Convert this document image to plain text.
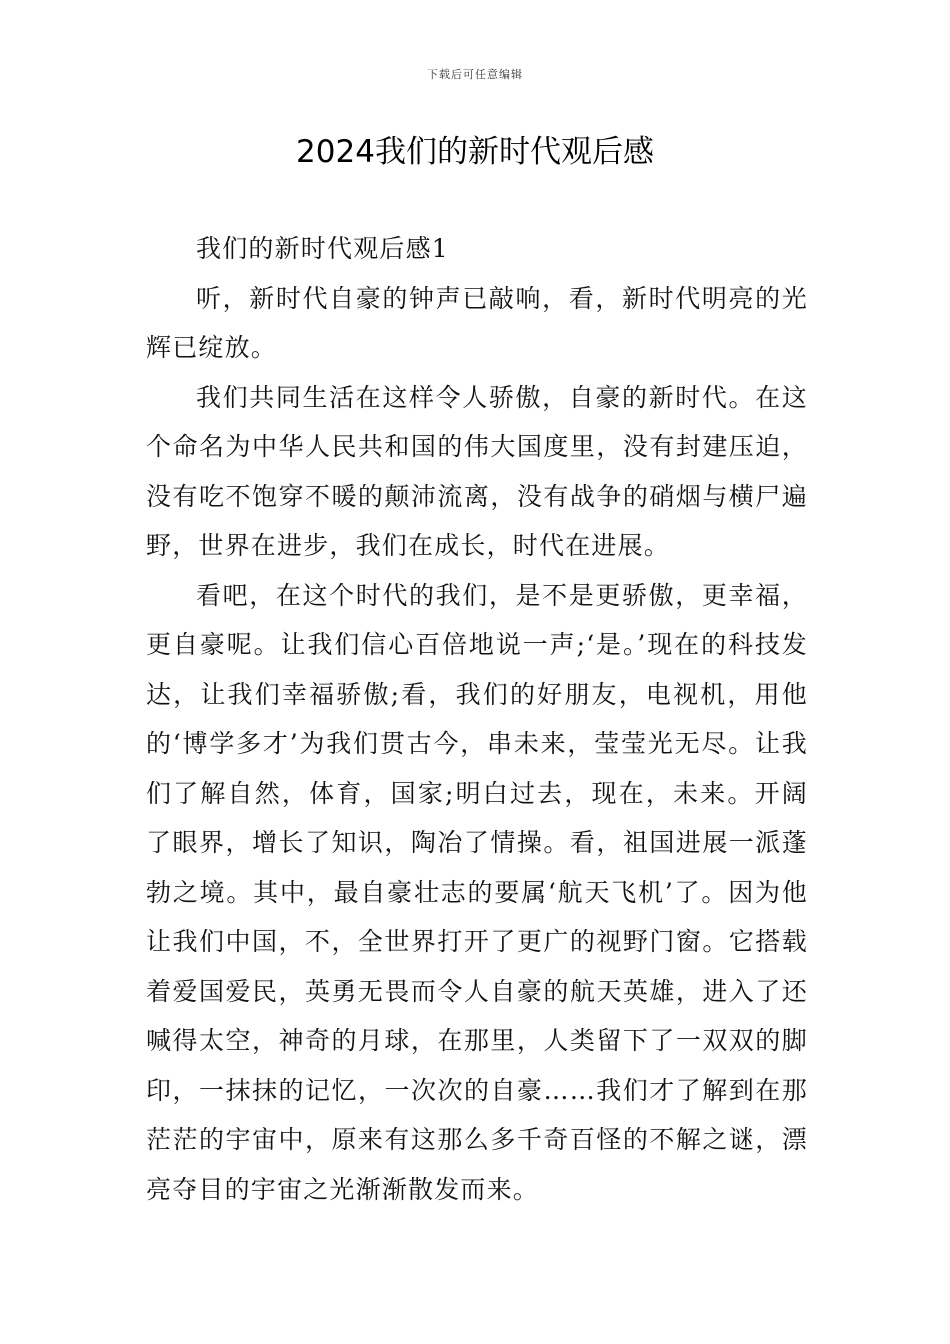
下载后可任意编辑
2024我们的新时代观后感

我们的新时代观后感1

听，新时代自豪的钟声已敲响，看，新时代明亮的光辉已绽放。

我们共同生活在这样令人骄傲，自豪的新时代。在这个命名为中华人民共和国的伟大国度里，没有封建压迫，没有吃不饱穿不暖的颠沛流离，没有战争的硝烟与横尸遍野，世界在进步，我们在成长，时代在进展。

看吧，在这个时代的我们，是不是更骄傲，更幸福，更自豪呢。让我们信心百倍地说一声;‘是。’现在的科技发达，让我们幸福骄傲;看，我们的好朋友，电视机，用他的‘博学多才’为我们贯古今，串未来，莹莹光无尽。让我们了解自然，体育，国家;明白过去，现在，未来。开阔了眼界，增长了知识，陶冶了情操。看，祖国进展一派蓬勃之境。其中，最自豪壮志的要属‘航天飞机’了。因为他让我们中国，不，全世界打开了更广的视野门窗。它搭载着爱国爱民，英勇无畏而令人自豪的航天英雄，进入了还喊得太空，神奇的月球，在那里，人类留下了一双双的脚印，一抹抹的记忆，一次次的自豪……我们才了解到在那茫茫的宇宙中，原来有这那么多千奇百怪的不解之谜，漂亮夺目的宇宙之光渐渐散发而来。
